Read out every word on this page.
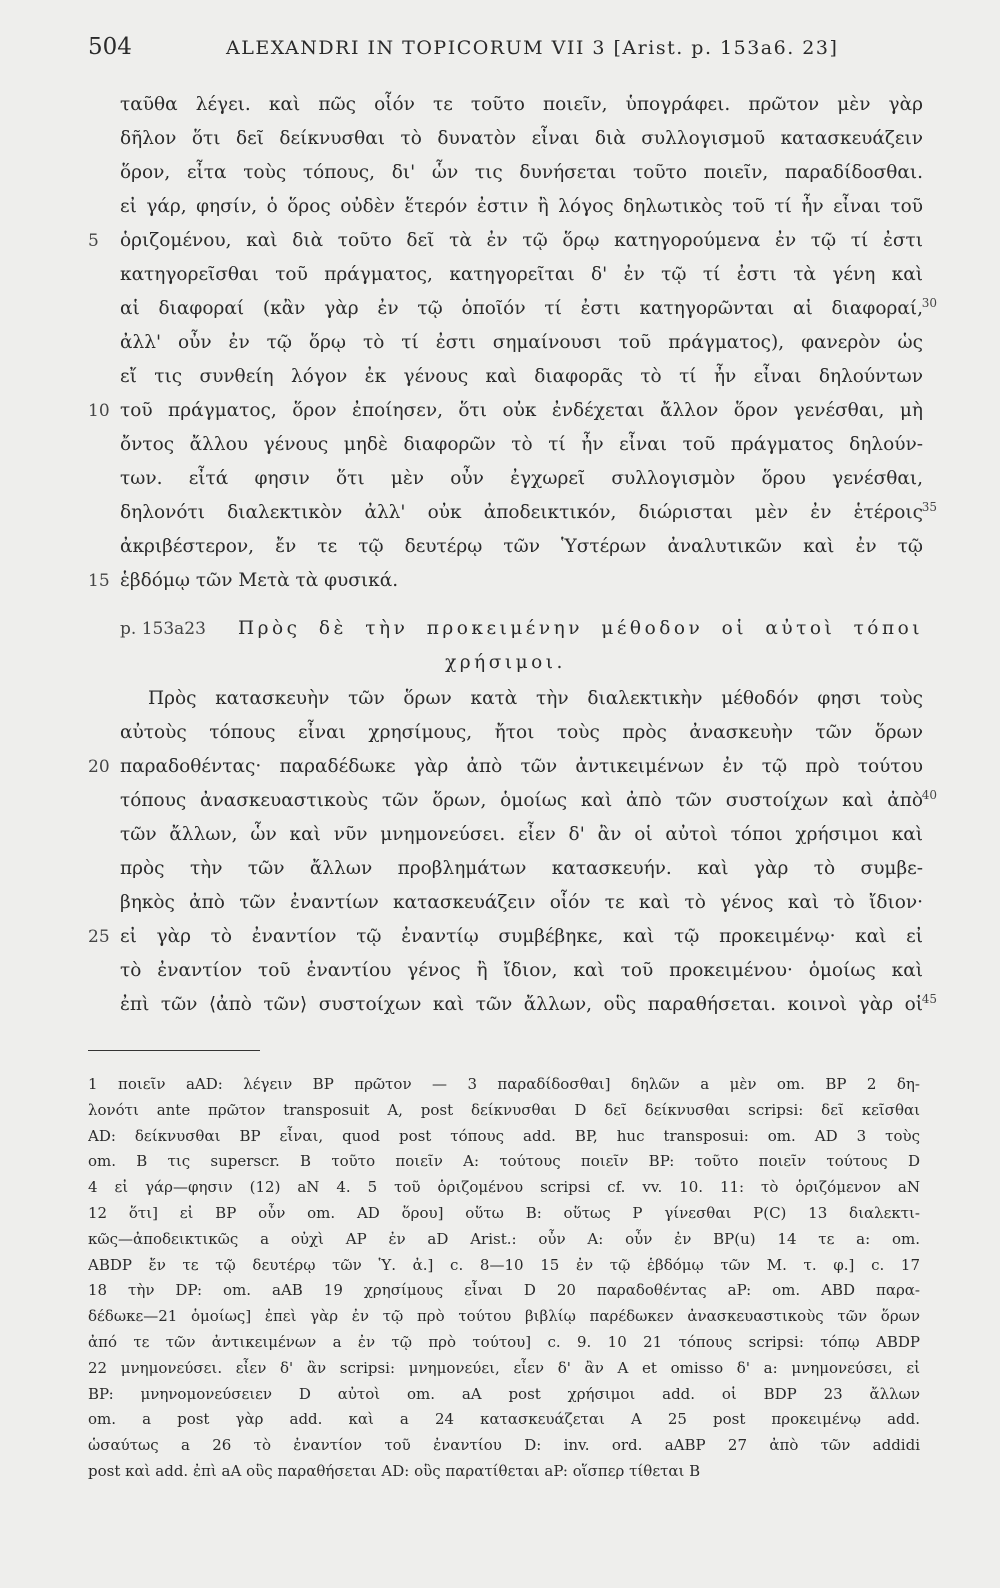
504	ALEXANDRI IN TOPICORUM VII 3 [Arist. p. 153a6. 23]
ταῦθα λέγει. καὶ πῶς οἷόν τε τοῦτο ποιεῖν, ὑπογράφει. πρῶτον μὲν γὰρ
δῆλον ὅτι δεῖ δείκνυσθαι τὸ δυνατὸν εἶναι διὰ συλλογισμοῦ κατασκευάζειν
ὅρον, εἶτα τοὺς τόπους, δι' ὧν τις δυνήσεται τοῦτο ποιεῖν, παραδίδοσθαι.
εἰ γάρ, φησίν, ὁ ὅρος οὐδὲν ἕτερόν ἐστιν ἢ λόγος δηλωτικὸς τοῦ τί ἦν εἶναι τοῦ
5	ὁριζομένου, καὶ διὰ τοῦτο δεῖ τὰ ἐν τῷ ὅρῳ κατηγορούμενα ἐν τῷ τί ἐστι
κατηγορεῖσθαι τοῦ πράγματος, κατηγορεῖται δ' ἐν τῷ τί ἐστι τὰ γένη καὶ
αἱ διαφοραί (κἂν γὰρ ἐν τῷ ὁποῖόν τί ἐστι κατηγορῶνται αἱ διαφοραί,
30
ἀλλ' οὖν ἐν τῷ ὅρῳ τὸ τί ἐστι σημαίνουσι τοῦ πράγματος), φανερὸν ὡς
εἴ τις συνθείη λόγον ἐκ γένους καὶ διαφορᾶς τὸ τί ἦν εἶναι δηλούντων
10 τοῦ πράγματος, ὅρον ἐποίησεν, ὅτι οὐκ ἐνδέχεται ἄλλον ὅρον γενέσθαι, μὴ
ὄντος ἄλλου γένους μηδὲ διαφορῶν τὸ τί ἦν εἶναι τοῦ πράγματος δηλούν-
των. εἶτά φησιν ὅτι μὲν οὖν ἐγχωρεῖ συλλογισμὸν ὅρου γενέσθαι,
δηλονότι διαλεκτικὸν ἀλλ' οὐκ ἀποδεικτικόν, διώρισται μὲν ἐν ἑτέροις
35
ἀκριβέστερον, ἔν τε τῷ δευτέρῳ τῶν Ὑστέρων ἀναλυτικῶν καὶ ἐν τῷ
15 ἑβδόμῳ τῶν Μετὰ τὰ φυσικά.
p. 153a23 Πρὸς δὲ τὴν προκειμένην μέθοδον οἱ αὐτοὶ τόποι
χρήσιμοι.
Πρὸς κατασκευὴν τῶν ὅρων κατὰ τὴν διαλεκτικὴν μέθοδόν φησι τοὺς
αὐτοὺς τόπους εἶναι χρησίμους, ἤτοι τοὺς πρὸς ἀνασκευὴν τῶν ὅρων
20 παραδοθέντας· παραδέδωκε γὰρ ἀπὸ τῶν ἀντικειμένων ἐν τῷ πρὸ τούτου
τόπους ἀνασκευαστικοὺς τῶν ὅρων, ὁμοίως καὶ ἀπὸ τῶν συστοίχων καὶ ἀπὸ
40
τῶν ἄλλων, ὧν καὶ νῦν μνημονεύσει. εἶεν δ' ἂν οἱ αὐτοὶ τόποι χρήσιμοι καὶ
πρὸς τὴν τῶν ἄλλων προβλημάτων κατασκευήν. καὶ γὰρ τὸ συμβε-
βηκὸς ἀπὸ τῶν ἐναντίων κατασκευάζειν οἷόν τε καὶ τὸ γένος καὶ τὸ ἴδιον·
25 εἰ γὰρ τὸ ἐναντίον τῷ ἐναντίῳ συμβέβηκε, καὶ τῷ προκειμένῳ· καὶ εἰ
τὸ ἐναντίον τοῦ ἐναντίου γένος ἢ ἴδιον, καὶ τοῦ προκειμένου· ὁμοίως καὶ
ἐπὶ τῶν ⟨ἀπὸ τῶν⟩ συστοίχων καὶ τῶν ἄλλων, οὓς παραθήσεται. κοινοὶ γὰρ οἱ
45
1 ποιεῖν aAD: λέγειν BP πρῶτον — 3 παραδίδοσθαι] δηλῶν a μὲν om. BP 2 δη-
λονότι ante πρῶτον transposuit A, post δείκνυσθαι D δεῖ δείκνυσθαι scripsi: δεῖ κεῖσθαι
AD: δείκνυσθαι BP εἶναι, quod post τόπους add. BP, huc transposui: om. AD 3 τοὺς
om. B τις superscr. B τοῦτο ποιεῖν A: τούτους ποιεῖν BP: τοῦτο ποιεῖν τούτους D
4 εἰ γάρ—φησιν (12) aN 4. 5 τοῦ ὁριζομένου scripsi cf. vv. 10. 11: τὸ ὁριζόμενον aN
12 ὅτι] εἰ BP οὖν om. AD ὅρου] οὕτω B: οὕτως P γίνεσθαι P(C) 13 διαλεκτι-
κῶς—ἀποδεικτικῶς a οὐχὶ AP ἐν aD Arist.: οὖν A: οὖν ἐν BP(u) 14 τε a: om.
ABDP ἔν τε τῷ δευτέρῳ τῶν Ὑ. ἀ.] c. 8—10 15 ἐν τῷ ἑβδόμῳ τῶν Μ. τ. φ.] c. 17
18 τὴν DP: om. aAB 19 χρησίμους εἶναι D 20 παραδοθέντας aP: om. ABD παρα-
δέδωκε—21 ὁμοίως] ἐπεὶ γὰρ ἐν τῷ πρὸ τούτου βιβλίῳ παρέδωκεν ἀνασκευαστικοὺς τῶν ὅρων
ἀπό τε τῶν ἀντικειμένων a ἐν τῷ πρὸ τούτου] c. 9. 10 21 τόπους scripsi: τόπῳ ABDP
22 μνημονεύσει. εἶεν δ' ἂν scripsi: μνημονεύει, εἶεν δ' ἂν A et omisso δ' a: μνημονεύσει, εἰ
BP: μνηνομονεύσειεν D αὐτοὶ om. aA post χρήσιμοι add. οἱ BDP 23 ἄλλων
om. a post γὰρ add. καὶ a 24 κατασκευάζεται A 25 post προκειμένῳ add.
ὡσαύτως a 26 τὸ ἐναντίον τοῦ ἐναντίου D: inv. ord. aABP 27 ἀπὸ τῶν addidi
post καὶ add. ἐπὶ aA οὓς παραθήσεται AD: οὓς παρατίθεται aP: οἵσπερ τίθεται B
